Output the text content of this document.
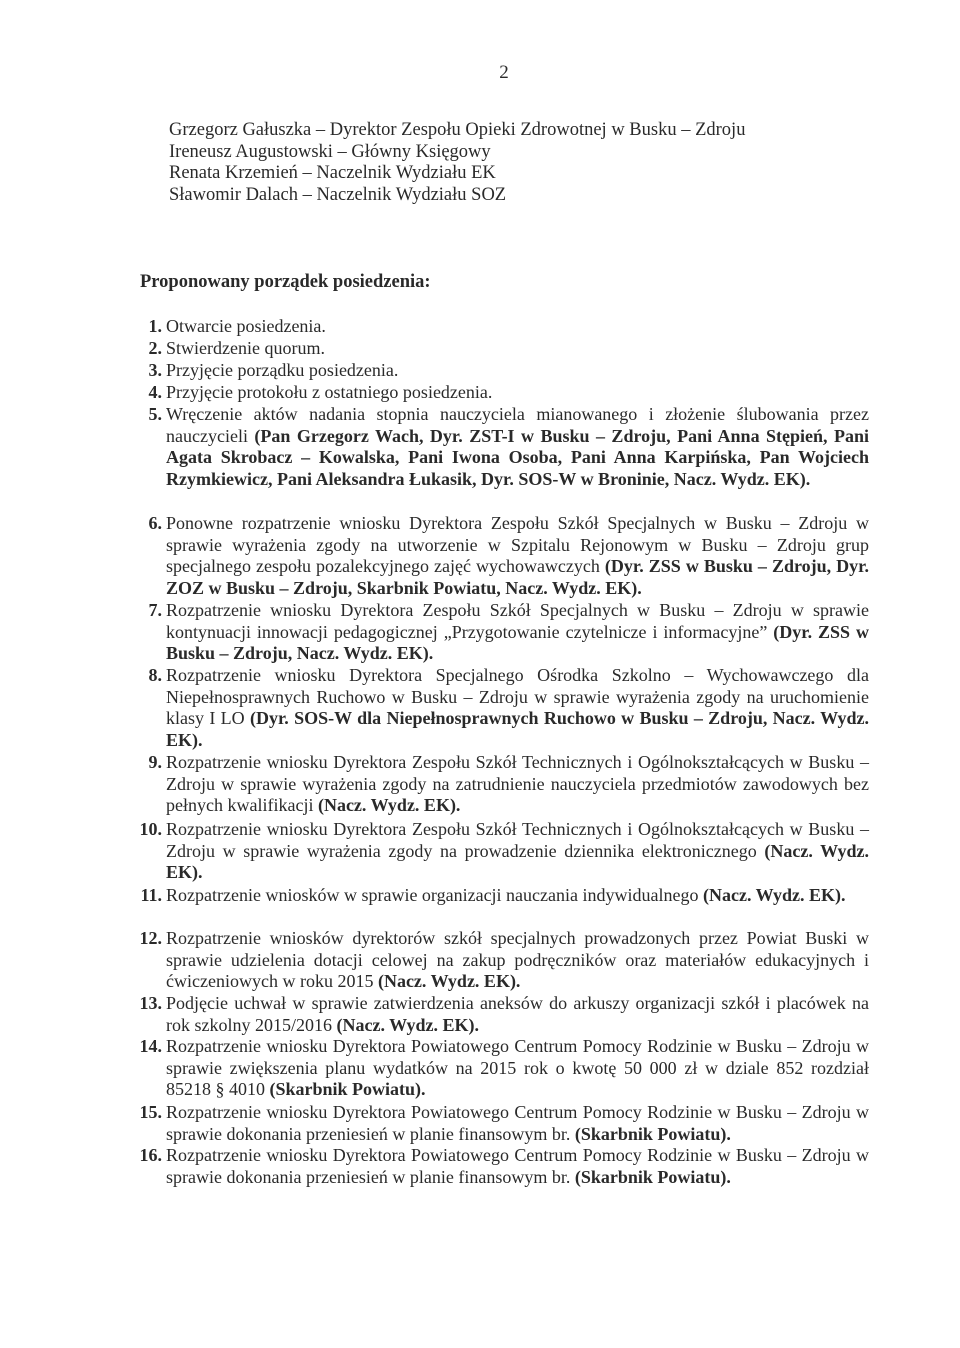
2
Grzegorz Gałuszka – Dyrektor Zespołu Opieki Zdrowotnej w Busku – Zdroju
Ireneusz Augustowski – Główny Księgowy
Renata Krzemień – Naczelnik Wydziału EK
Sławomir Dalach – Naczelnik Wydziału SOZ
Proponowany porządek posiedzenia:
1. Otwarcie posiedzenia.
2. Stwierdzenie quorum.
3. Przyjęcie porządku posiedzenia.
4. Przyjęcie protokołu z ostatniego posiedzenia.
5. Wręczenie aktów nadania stopnia nauczyciela mianowanego i złożenie ślubowania przez nauczycieli (Pan Grzegorz Wach, Dyr. ZST-I w Busku – Zdroju, Pani Anna Stępień, Pani Agata Skrobacz – Kowalska, Pani Iwona Osoba, Pani Anna Karpińska, Pan Wojciech Rzymkiewicz, Pani Aleksandra Łukasik, Dyr. SOS-W w Broninie, Nacz. Wydz. EK).
6. Ponowne rozpatrzenie wniosku Dyrektora Zespołu Szkół Specjalnych w Busku – Zdroju w sprawie wyrażenia zgody na utworzenie w Szpitalu Rejonowym w Busku – Zdroju grup specjalnego zespołu pozalekcyjnego zajęć wychowawczych (Dyr. ZSS w Busku – Zdroju, Dyr. ZOZ w Busku – Zdroju, Skarbnik Powiatu, Nacz. Wydz. EK).
7. Rozpatrzenie wniosku Dyrektora Zespołu Szkół Specjalnych w Busku – Zdroju w sprawie kontynuacji innowacji pedagogicznej „Przygotowanie czytelnicze i informacyjne” (Dyr. ZSS w Busku – Zdroju, Nacz. Wydz. EK).
8. Rozpatrzenie wniosku Dyrektora Specjalnego Ośrodka Szkolno – Wychowawczego dla Niepełnosprawnych Ruchowo w Busku – Zdroju w sprawie wyrażenia zgody na uruchomienie klasy I LO (Dyr. SOS-W dla Niepełnosprawnych Ruchowo w Busku – Zdroju, Nacz. Wydz. EK).
9. Rozpatrzenie wniosku Dyrektora Zespołu Szkół Technicznych i Ogólnokształcących w Busku – Zdroju w sprawie wyrażenia zgody na zatrudnienie nauczyciela przedmiotów zawodowych bez pełnych kwalifikacji (Nacz. Wydz. EK).
10. Rozpatrzenie wniosku Dyrektora Zespołu Szkół Technicznych i Ogólnokształcących w Busku – Zdroju w sprawie wyrażenia zgody na prowadzenie dziennika elektronicznego (Nacz. Wydz. EK).
11. Rozpatrzenie wniosków w sprawie organizacji nauczania indywidualnego (Nacz. Wydz. EK).
12. Rozpatrzenie wniosków dyrektorów szkół specjalnych prowadzonych przez Powiat Buski w sprawie udzielenia dotacji celowej na zakup podręczników oraz materiałów edukacyjnych i ćwiczeniowych w roku 2015 (Nacz. Wydz. EK).
13. Podjęcie uchwał w sprawie zatwierdzenia aneksów do arkuszy organizacji szkół i placówek na rok szkolny 2015/2016 (Nacz. Wydz. EK).
14. Rozpatrzenie wniosku Dyrektora Powiatowego Centrum Pomocy Rodzinie w Busku – Zdroju w sprawie zwiększenia planu wydatków na 2015 rok o kwotę 50 000 zł w dziale 852 rozdział 85218 § 4010 (Skarbnik Powiatu).
15. Rozpatrzenie wniosku Dyrektora Powiatowego Centrum Pomocy Rodzinie w Busku – Zdroju w sprawie dokonania przeniesień w planie finansowym br. (Skarbnik Powiatu).
16. Rozpatrzenie wniosku Dyrektora Powiatowego Centrum Pomocy Rodzinie w Busku – Zdroju w sprawie dokonania przeniesień w planie finansowym br. (Skarbnik Powiatu).
